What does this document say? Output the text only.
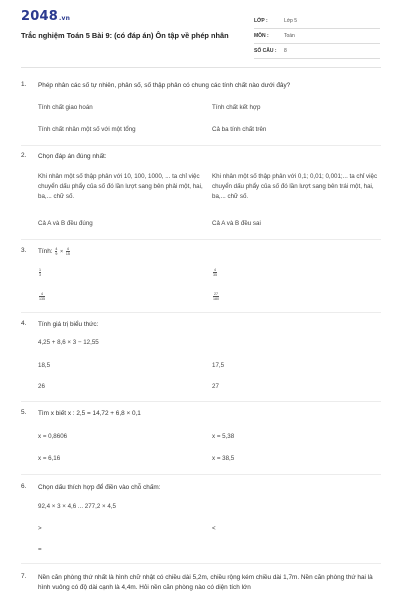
2048.vn
Trắc nghiệm Toán 5 Bài 9: (có đáp án) Ôn tập về phép nhân
LỚP :	Lớp 5
MÔN :	Toán
SỐ CÂU : 8
1. Phép nhân các số tự nhiên, phân số, số thập phân có chung các tính chất nào dưới đây?
Tính chất giao hoán	Tính chất kết hợp
Tính chất nhân một số với một tổng	Cả ba tính chất trên
2. Chọn đáp án đúng nhất:
Khi nhân một số thập phân với 10, 100, 1000, ... ta chỉ việc chuyển dấu phẩy của số đó lần lượt sang bên phải một, hai, ba,... chữ số.
Khi nhân một số thập phân với 0,1; 0,01; 0,001;... ta chỉ việc chuyển dấu phẩy của số đó lần lượt sang bên trái một, hai, ba,... chữ số.
Cả A và B đều đúng	Cả A và B đều sai
3. Tính: $\frac{4}{9} \times \frac{4}{15}$
$\frac{1}{3}$	$\frac{4}{35}$
$\frac{4}{135}$	$\frac{27}{180}$
4. Tính giá trị biểu thức:
4,25 + 8,6 × 3 − 12,55
18,5	17,5
26	27
5. Tìm x biết x : 2,5 = 14,72 + 6,8 × 0,1
x = 0,8606	x = 5,38
x = 6,16	x = 38,5
6. Chọn dấu thích hợp để điền vào chỗ chấm:
92,4 × 3 × 4,6 ... 277,2 × 4,5
>	<
=
7. Nền căn phòng thứ nhất là hình chữ nhật có chiều dài 5,2m, chiều rộng kém chiều dài 1,7m. Nền căn phòng thứ hai là hình vuông có độ dài cạnh là 4,4m. Hỏi nền căn phòng nào có diện tích lớn
